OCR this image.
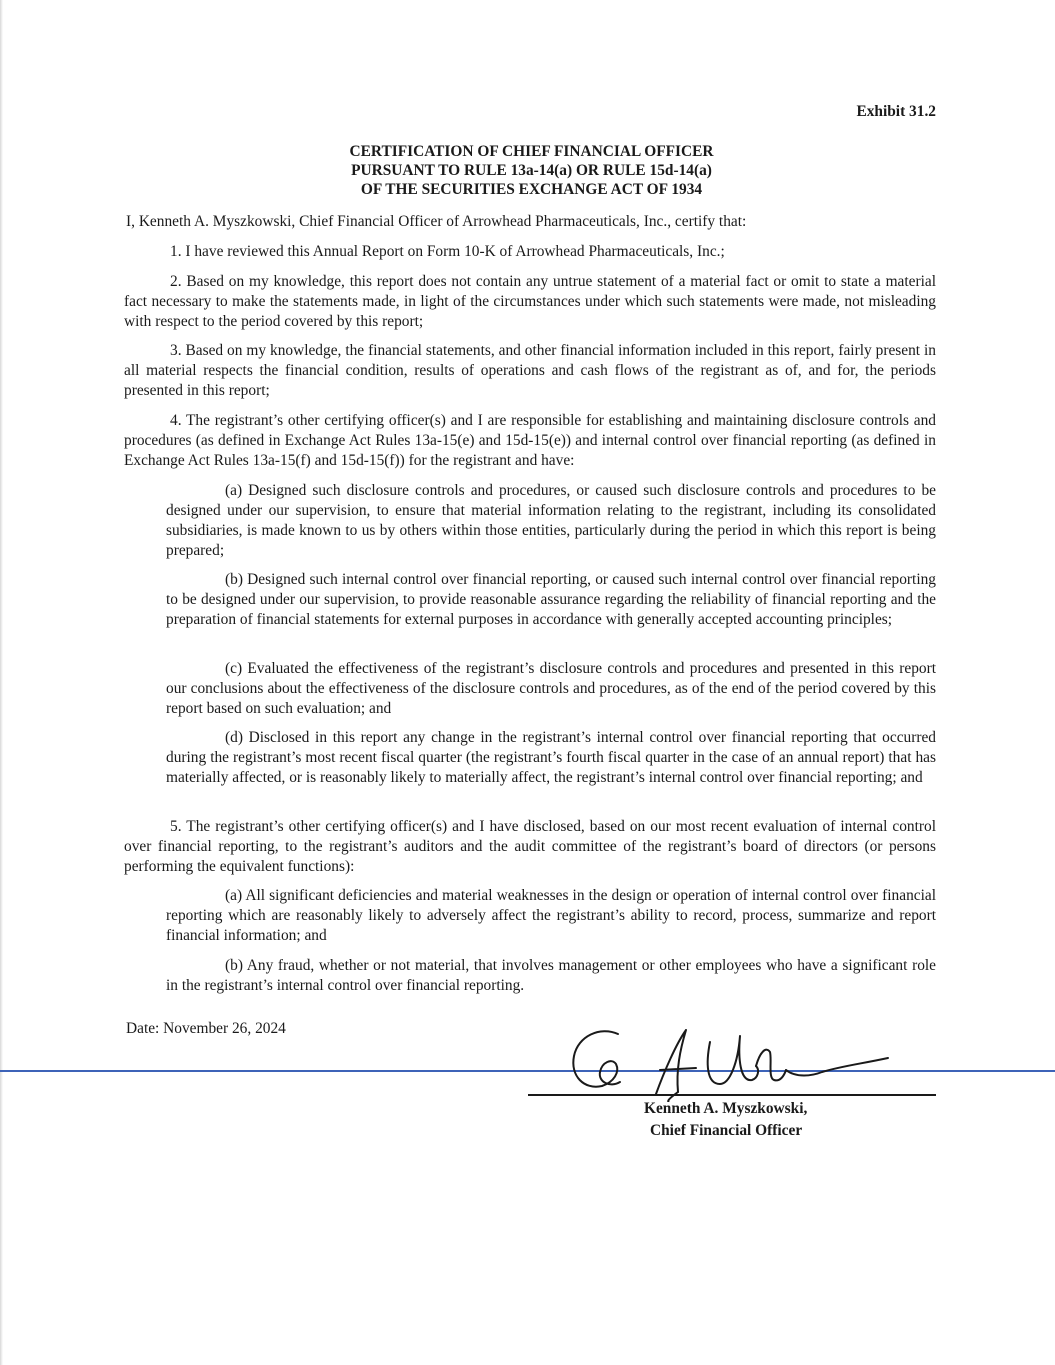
Exhibit 31.2
CERTIFICATION OF CHIEF FINANCIAL OFFICER
PURSUANT TO RULE 13a-14(a) OR RULE 15d-14(a)
OF THE SECURITIES EXCHANGE ACT OF 1934
I, Kenneth A. Myszkowski, Chief Financial Officer of Arrowhead Pharmaceuticals, Inc., certify that:
1. I have reviewed this Annual Report on Form 10-K of Arrowhead Pharmaceuticals, Inc.;
2. Based on my knowledge, this report does not contain any untrue statement of a material fact or omit to state a material fact necessary to make the statements made, in light of the circumstances under which such statements were made, not misleading with respect to the period covered by this report;
3. Based on my knowledge, the financial statements, and other financial information included in this report, fairly present in all material respects the financial condition, results of operations and cash flows of the registrant as of, and for, the periods presented in this report;
4. The registrant’s other certifying officer(s) and I are responsible for establishing and maintaining disclosure controls and procedures (as defined in Exchange Act Rules 13a-15(e) and 15d-15(e)) and internal control over financial reporting (as defined in Exchange Act Rules 13a-15(f) and 15d-15(f)) for the registrant and have:
(a) Designed such disclosure controls and procedures, or caused such disclosure controls and procedures to be designed under our supervision, to ensure that material information relating to the registrant, including its consolidated subsidiaries, is made known to us by others within those entities, particularly during the period in which this report is being prepared;
(b) Designed such internal control over financial reporting, or caused such internal control over financial reporting to be designed under our supervision, to provide reasonable assurance regarding the reliability of financial reporting and the preparation of financial statements for external purposes in accordance with generally accepted accounting principles;
(c) Evaluated the effectiveness of the registrant’s disclosure controls and procedures and presented in this report our conclusions about the effectiveness of the disclosure controls and procedures, as of the end of the period covered by this report based on such evaluation; and
(d) Disclosed in this report any change in the registrant’s internal control over financial reporting that occurred during the registrant’s most recent fiscal quarter (the registrant’s fourth fiscal quarter in the case of an annual report) that has materially affected, or is reasonably likely to materially affect, the registrant’s internal control over financial reporting; and
5. The registrant’s other certifying officer(s) and I have disclosed, based on our most recent evaluation of internal control over financial reporting, to the registrant’s auditors and the audit committee of the registrant’s board of directors (or persons performing the equivalent functions):
(a) All significant deficiencies and material weaknesses in the design or operation of internal control over financial reporting which are reasonably likely to adversely affect the registrant’s ability to record, process, summarize and report financial information; and
(b) Any fraud, whether or not material, that involves management or other employees who have a significant role in the registrant’s internal control over financial reporting.
Date: November 26, 2024
Kenneth A. Myszkowski,
Chief Financial Officer
